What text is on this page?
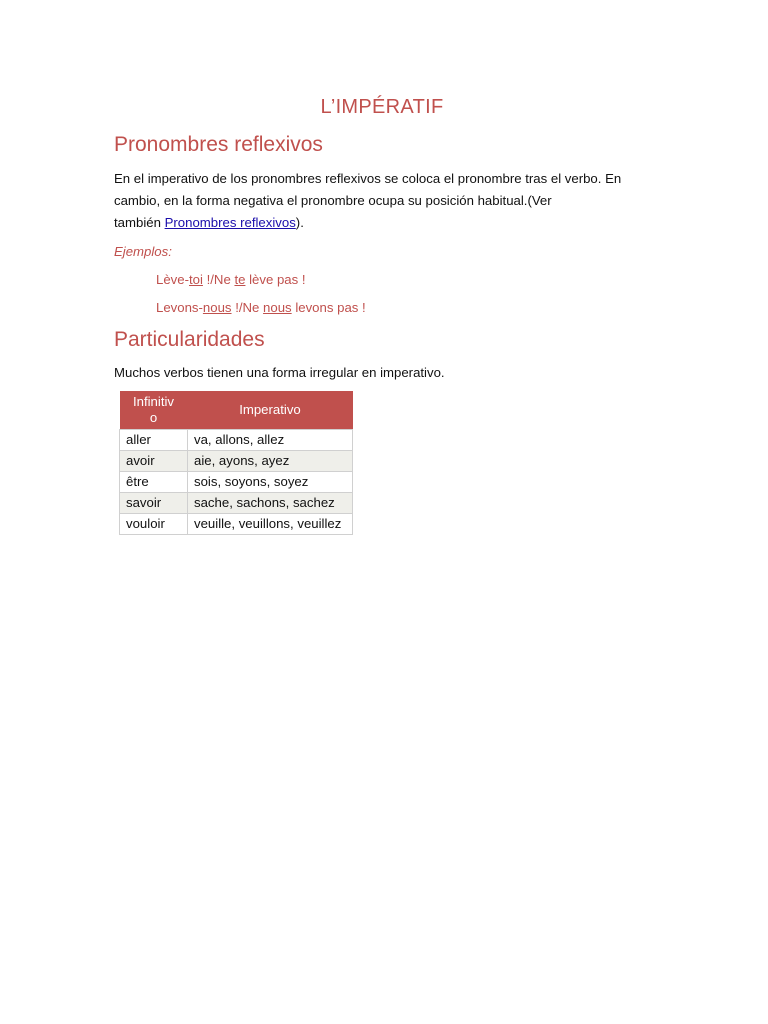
L’IMPÉRATIF
Pronombres reflexivos
En el imperativo de los pronombres reflexivos se coloca el pronombre tras el verbo. En
cambio, en la forma negativa el pronombre ocupa su posición habitual.(Ver
también Pronombres reflexivos).
Ejemplos:
Lève-toi !/Ne te lève pas !
Levons-nous !/Ne nous levons pas !
Particularidades
Muchos verbos tienen una forma irregular en imperativo.
Infinitiv
o	Imperativo
aller	va, allons, allez
avoir	aie, ayons, ayez
être	sois, soyons, soyez
savoir	sache, sachons, sachez
vouloir	veuille, veuillons, veuillez
